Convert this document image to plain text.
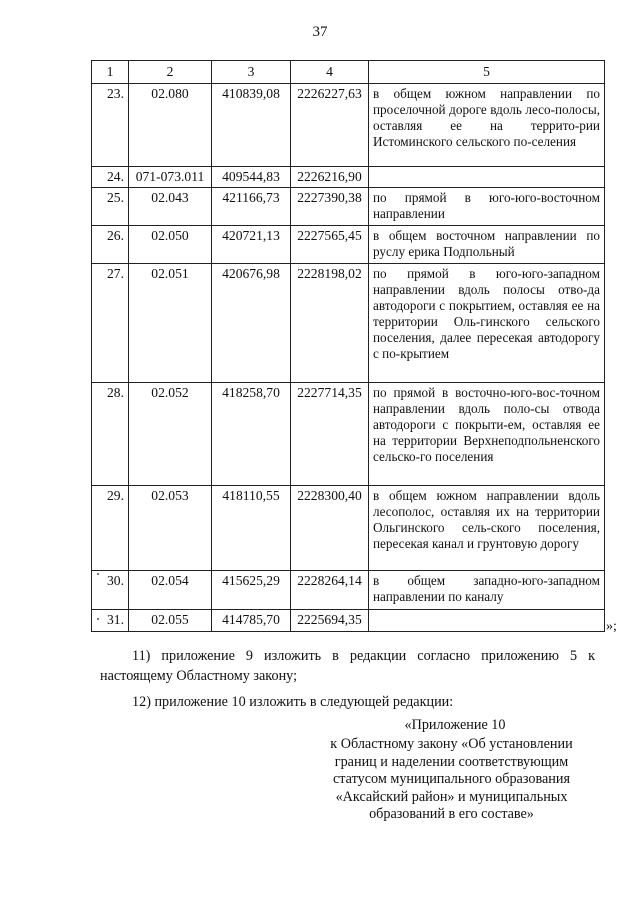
37
1	2	3	4	5
23.	02.080	410839,08	2226227,63	в общем южном направлении по проселочной дороге вдоль лесо-полосы, оставляя ее на террито-рии Истоминского сельского по-селения
24.	071-073.011	409544,83	2226216,90	
25.	02.043	421166,73	2227390,38	по прямой в юго-юго-восточном направлении
26.	02.050	420721,13	2227565,45	в общем восточном направлении по руслу ерика Подпольный
27.	02.051	420676,98	2228198,02	по прямой в юго-юго-западном направлении вдоль полосы отво-да автодороги с покрытием, оставляя ее на территории Оль-гинского сельского поселения, далее пересекая автодорогу с по-крытием
28.	02.052	418258,70	2227714,35	по прямой в восточно-юго-вос-точном направлении вдоль поло-сы отвода автодороги с покрыти-ем, оставляя ее на территории Верхнеподпольненского сельско-го поселения
29.	02.053	418110,55	2228300,40	в общем южном направлении вдоль лесополос, оставляя их на территории Ольгинского сель-ского поселения, пересекая канал и грунтовую дорогу
30.	02.054	415625,29	2228264,14	в общем западно-юго-западном направлении по каналу
31.	02.055	414785,70	2225694,35		»;

11) приложение 9 изложить в редакции согласно приложению 5 к настоящему Областному закону;

12) приложение 10 изложить в следующей редакции:

«Приложение 10
к Областному закону «Об установлении
границ и наделении соответствующим
статусом муниципального образования
«Аксайский район» и муниципальных
образований в его составе»
